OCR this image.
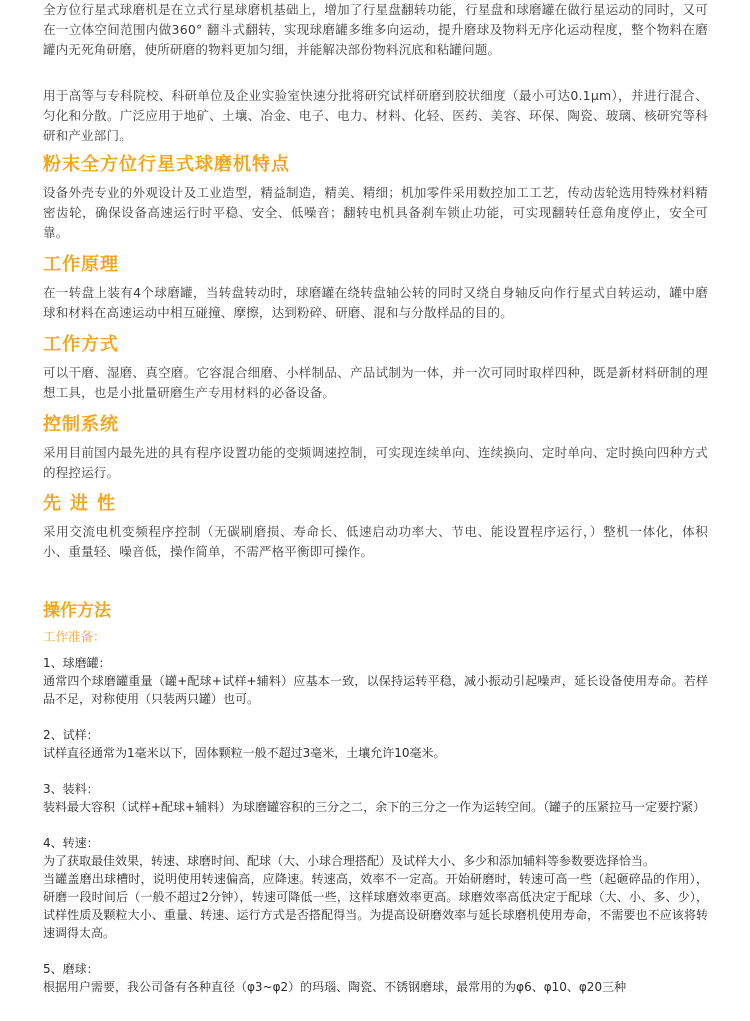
全方位行星式球磨机是在立式行星球磨机基础上，增加了行星盘翻转功能，行星盘和球磨罐在做行星运动的同时，又可在一立体空间范围内做360° 翻斗式翻转，实现球磨罐多维多向运动，提升磨球及物料无序化运动程度，整个物料在磨罐内无死角研磨，使所研磨的物料更加匀细，并能解决部份物料沉底和粘罐问题。

用于高等与专科院校、科研单位及企业实验室快速分批将研究试样研磨到胶状细度（最小可达0.1μm），并进行混合、匀化和分散。广泛应用于地矿、土壤、冶金、电子、电力、材料、化轻、医药、美容、环保、陶瓷、玻璃、核研究等科研和产业部门。

粉末全方位行星式球磨机特点

设备外壳专业的外观设计及工业造型，精益制造，精美、精细；机加零件采用数控加工工艺，传动齿轮选用特殊材料精密齿轮，确保设备高速运行时平稳、安全、低噪音；翻转电机具备刹车锁止功能，可实现翻转任意角度停止，安全可靠。

工作原理

在一转盘上装有4个球磨罐，当转盘转动时，球磨罐在绕转盘轴公转的同时又绕自身轴反向作行星式自转运动，罐中磨球和材料在高速运动中相互碰撞、摩擦，达到粉碎、研磨、混和与分散样品的目的。

工作方式

可以干磨、湿磨、真空磨。它容混合细磨、小样制品、产品试制为一体，并一次可同时取样四种，既是新材料研制的理想工具，也是小批量研磨生产专用材料的必备设备。

控制系统

采用目前国内最先进的具有程序设置功能的变频调速控制，可实现连续单向、连续换向、定时单向、定时换向四种方式的程控运行。

先进性

采用交流电机变频程序控制（无碳刷磨损、寿命长、低速启动功率大、节电、能设置程序运行，）整机一体化，体积小、重量轻、噪音低，操作简单，不需严格平衡即可操作。

操作方法

工作准备：

1、球磨罐：

通常四个球磨罐重量（罐+配球+试样+辅料）应基本一致，以保持运转平稳，减小振动引起噪声，延长设备使用寿命。若样品不足，对称使用（只装两只罐）也可。

2、试样：

试样直径通常为1毫米以下，固体颗粒一般不超过3毫米，土壤允许10毫米。

3、装料：

装料最大容积（试样+配球+辅料）为球磨罐容积的三分之二，余下的三分之一作为运转空间。（罐子的压紧拉马一定要拧紧）

4、转速：

为了获取最佳效果，转速、球磨时间、配球（大、小球合理搭配）及试样大小、多少和添加辅料等参数要选择恰当。

当罐盖磨出球槽时，说明使用转速偏高，应降速。转速高，效率不一定高。开始研磨时，转速可高一些（起砸碎品的作用），研磨一段时间后（一般不超过2分钟），转速可降低一些，这样球磨效率更高。球磨效率高低决定于配球（大、小、多、少），试样性质及颗粒大小、重量、转速、运行方式是否搭配得当。为提高设研磨效率与延长球磨机使用寿命，不需要也不应该将转速调得太高。

5、磨球：

根据用户需要，我公司备有各种直径（φ3~φ2）的玛瑙、陶瓷、不锈钢磨球，最常用的为φ6、φ10、φ20三种
